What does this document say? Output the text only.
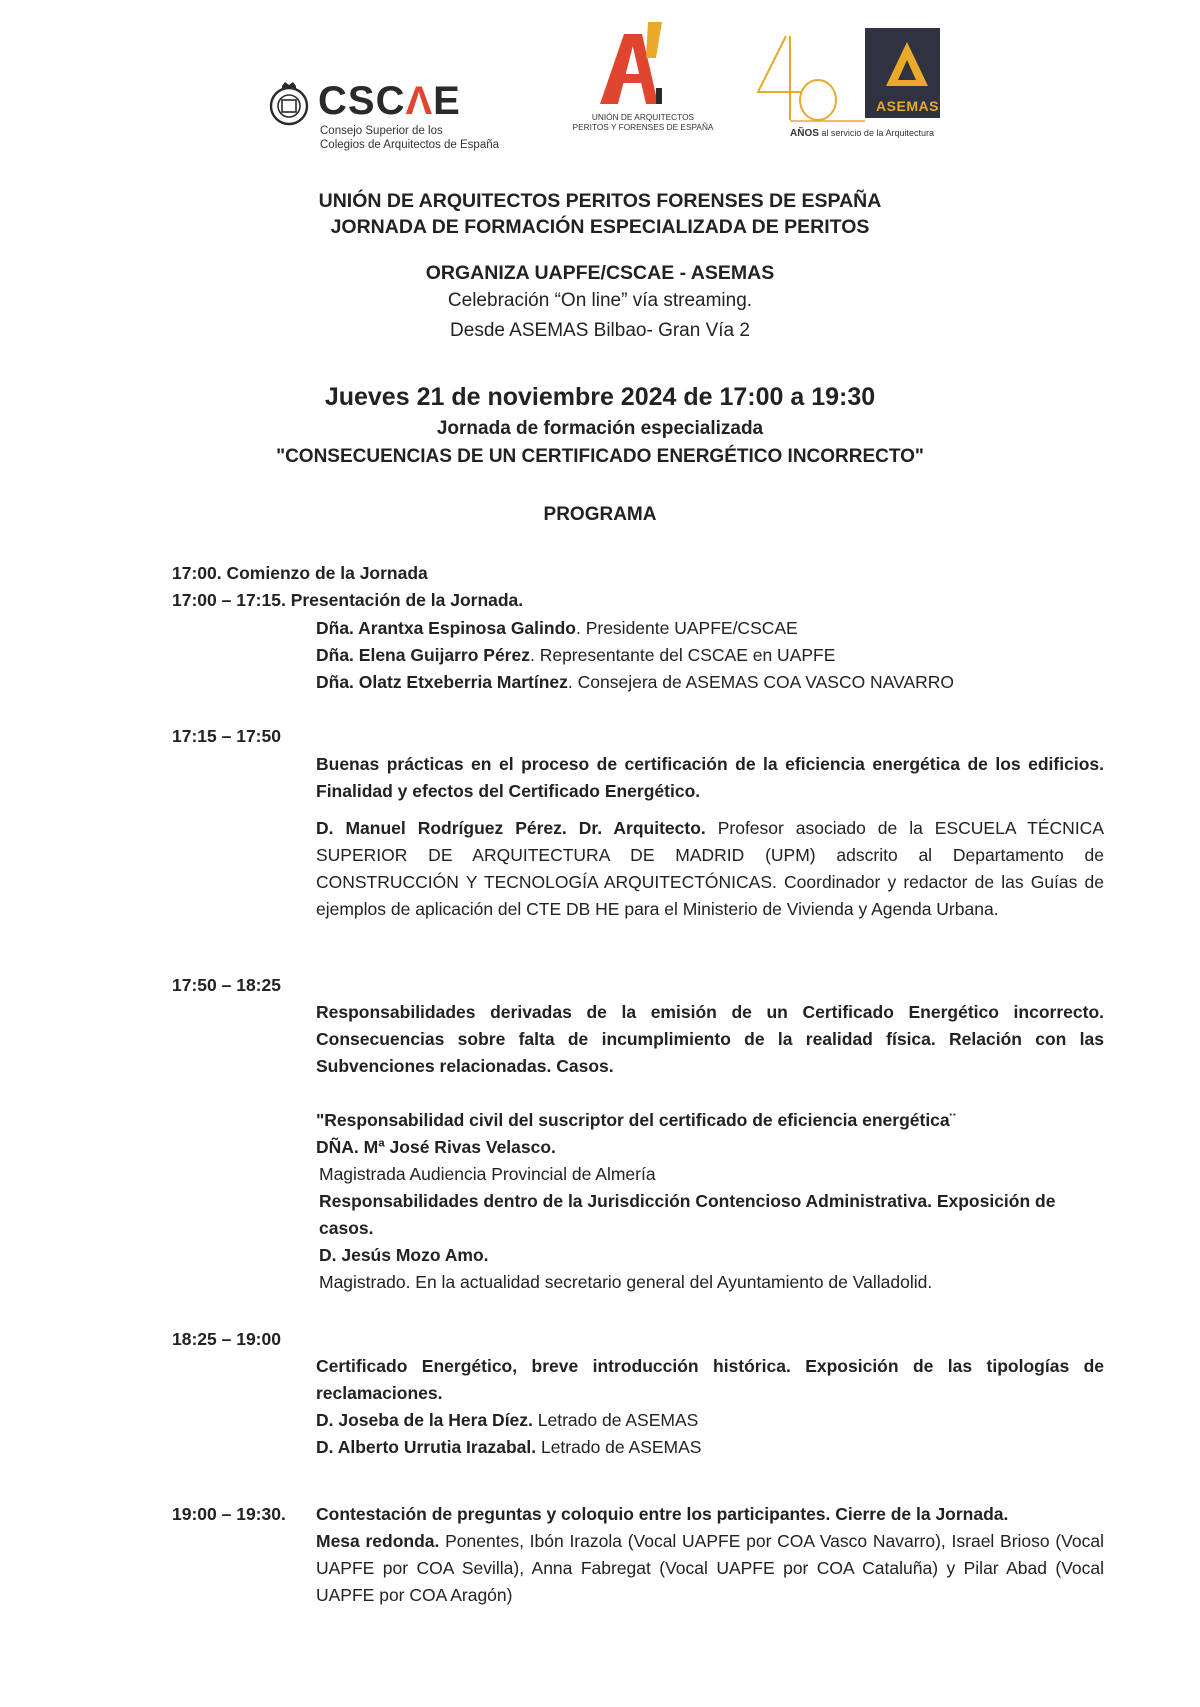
CSCΛE
Consejo Superior de los
Colegios de Arquitectos de España
UNIÓN DE ARQUITECTOS
PERITOS Y FORENSES DE ESPAÑA
ASEMAS
AÑOS al servicio de la Arquitectura
UNIÓN DE ARQUITECTOS PERITOS FORENSES DE ESPAÑA
JORNADA DE FORMACIÓN ESPECIALIZADA DE PERITOS
ORGANIZA UAPFE/CSCAE - ASEMAS
Celebración “On line” vía streaming.
Desde ASEMAS Bilbao- Gran Vía 2
Jueves 21 de noviembre 2024 de 17:00 a 19:30
Jornada de formación especializada
"CONSECUENCIAS DE UN CERTIFICADO ENERGÉTICO INCORRECTO"
PROGRAMA
17:00. Comienzo de la Jornada
17:00 – 17:15. Presentación de la Jornada.

Dña. Arantxa Espinosa Galindo. Presidente UAPFE/CSCAE

Dña. Elena Guijarro Pérez. Representante del CSCAE en UAPFE

Dña. Olatz Etxeberria Martínez. Consejera de ASEMAS COA VASCO NAVARRO

17:15 – 17:50

Buenas prácticas en el proceso de certificación de la eficiencia energética de los edificios. Finalidad y efectos del Certificado Energético.

D. Manuel Rodríguez Pérez. Dr. Arquitecto. Profesor asociado de la ESCUELA TÉCNICA SUPERIOR DE ARQUITECTURA DE MADRID (UPM) adscrito al Departamento de CONSTRUCCIÓN Y TECNOLOGÍA ARQUITECTÓNICAS. Coordinador y redactor de las Guías de ejemplos de aplicación del CTE DB HE para el Ministerio de Vivienda y Agenda Urbana.

17:50 – 18:25

Responsabilidades derivadas de la emisión de un Certificado Energético incorrecto. Consecuencias sobre falta de incumplimiento de la realidad física. Relación con las Subvenciones relacionadas. Casos.

"Responsabilidad civil del suscriptor del certificado de eficiencia energética¨

DÑA. Mª José Rivas Velasco.

Magistrada Audiencia Provincial de Almería

Responsabilidades dentro de la Jurisdicción Contencioso Administrativa. Exposición de casos.

D. Jesús Mozo Amo.

Magistrado. En la actualidad secretario general del Ayuntamiento de Valladolid.

18:25 – 19:00

Certificado Energético, breve introducción histórica. Exposición de las tipologías de reclamaciones.

D. Joseba de la Hera Díez. Letrado de ASEMAS

D. Alberto Urrutia Irazabal. Letrado de ASEMAS

19:00 – 19:30. Contestación de preguntas y coloquio entre los participantes. Cierre de la Jornada.

Mesa redonda. Ponentes, Ibón Irazola (Vocal UAPFE por COA Vasco Navarro), Israel Brioso (Vocal UAPFE por COA Sevilla), Anna Fabregat (Vocal UAPFE por COA Cataluña) y Pilar Abad (Vocal UAPFE por COA Aragón)
